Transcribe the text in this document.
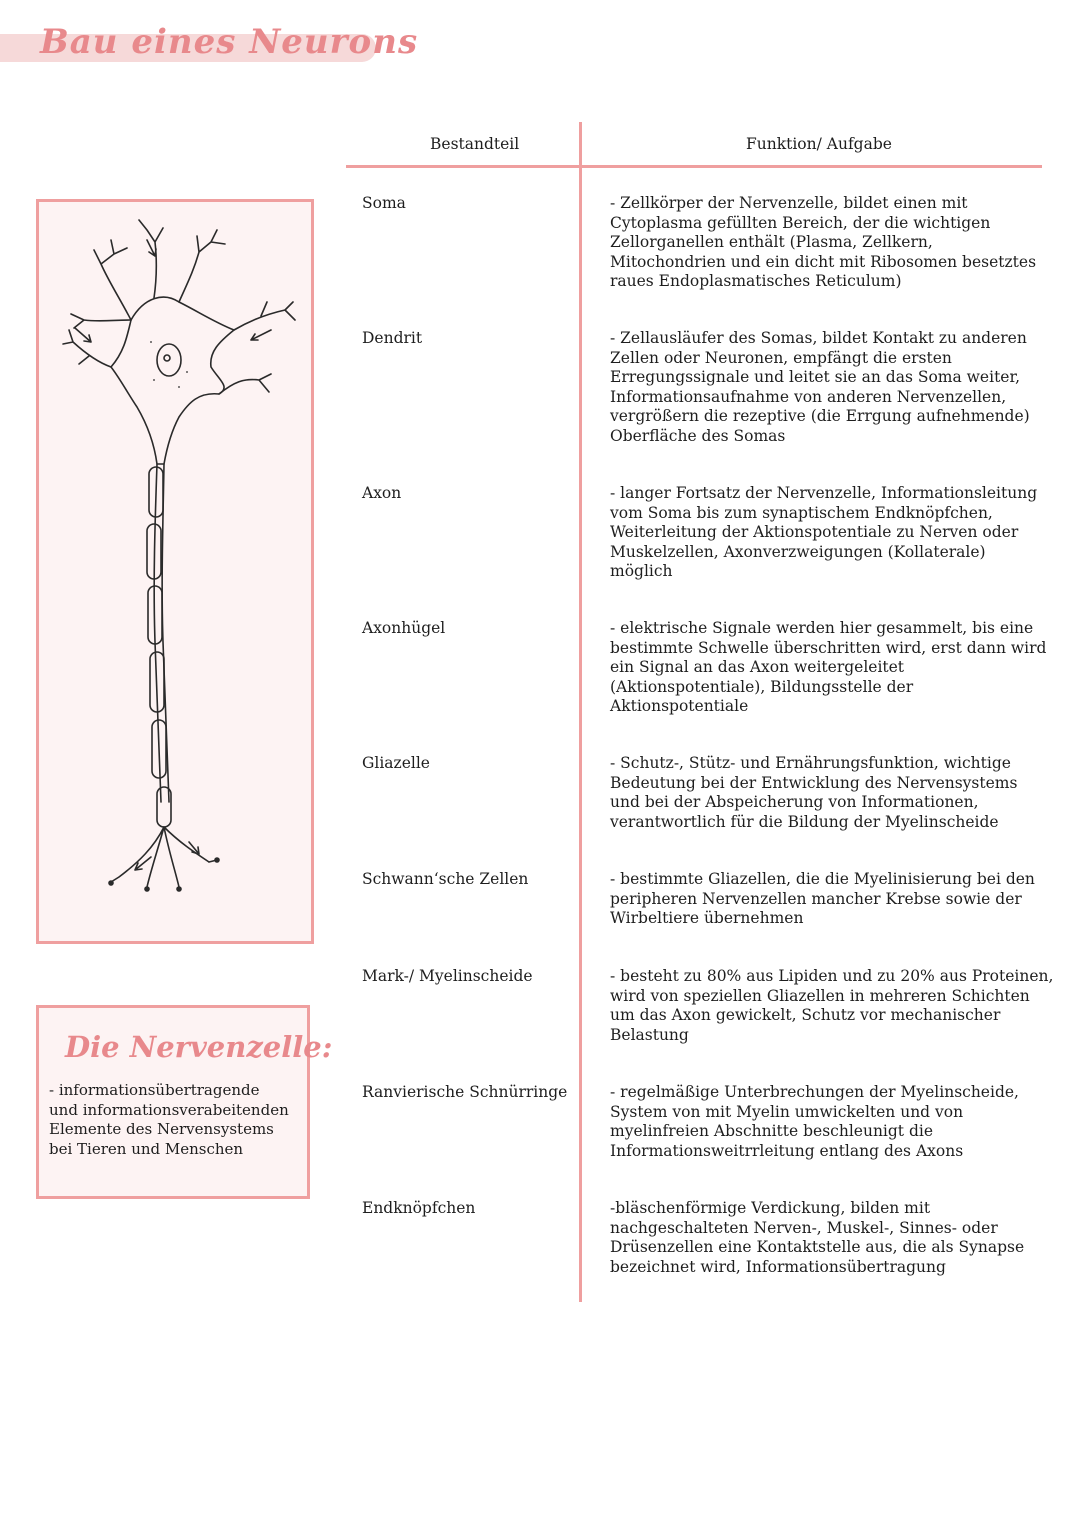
Bau eines Neurons
Die Nervenzelle:
- informationsübertragende
und informationsverabeitenden
Elemente des Nervensystems
bei Tieren und Menschen
Bestandteil	Funktion/ Aufgabe
Soma	- Zellkörper der Nervenzelle, bildet einen mit
Cytoplasma gefüllten Bereich, der die wichtigen
Zellorganellen enthält (Plasma, Zellkern,
Mitochondrien und ein dicht mit Ribosomen besetztes
raues Endoplasmatisches Reticulum)
Dendrit	- Zellausläufer des Somas, bildet Kontakt zu anderen
Zellen oder Neuronen, empfängt die ersten
Erregungssignale und leitet sie an das Soma weiter,
Informationsaufnahme von anderen Nervenzellen,
vergrößern die rezeptive (die Errgung aufnehmende)
Oberfläche des Somas
Axon	- langer Fortsatz der Nervenzelle, Informationsleitung
vom Soma bis zum synaptischem Endknöpfchen,
Weiterleitung der Aktionspotentiale zu Nerven oder
Muskelzellen, Axonverzweigungen (Kollaterale)
möglich
Axonhügel	- elektrische Signale werden hier gesammelt, bis eine
bestimmte Schwelle überschritten wird, erst dann wird
ein Signal an das Axon weitergeleitet
(Aktionspotentiale), Bildungsstelle der
Aktionspotentiale
Gliazelle	- Schutz-, Stütz- und Ernährungsfunktion, wichtige
Bedeutung bei der Entwicklung des Nervensystems
und bei der Abspeicherung von Informationen,
verantwortlich für die Bildung der Myelinscheide
Schwann‘sche Zellen	- bestimmte Gliazellen, die die Myelinisierung bei den
peripheren Nervenzellen mancher Krebse sowie der
Wirbeltiere übernehmen
Mark-/ Myelinscheide	- besteht zu 80% aus Lipiden und zu 20% aus Proteinen,
wird von speziellen Gliazellen in mehreren Schichten
um das Axon gewickelt, Schutz vor mechanischer
Belastung
Ranvierische Schnürringe	- regelmäßige Unterbrechungen der Myelinscheide,
System von mit Myelin umwickelten und von
myelinfreien Abschnitte beschleunigt die
Informationsweitrrleitung entlang des Axons
Endknöpfchen	-bläschenförmige Verdickung, bilden mit
nachgeschalteten Nerven-, Muskel-, Sinnes- oder
Drüsenzellen eine Kontaktstelle aus, die als Synapse
bezeichnet wird, Informationsübertragung
